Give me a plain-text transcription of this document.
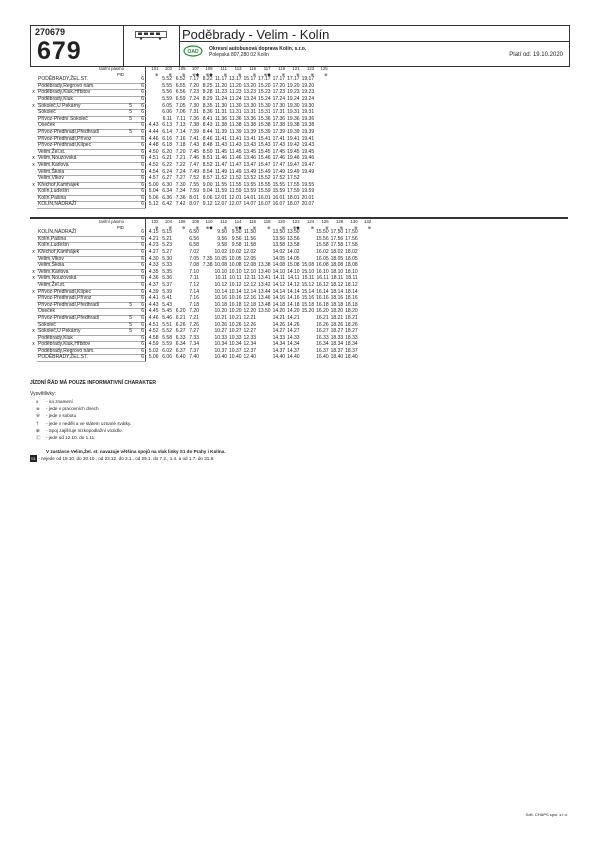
270679
679
Poděbrady - Velim - Kolín
OAD Okresní autobusová doprava Kolín, s.r.o.
Polepská 807,280 02 Kolín	Platí od: 19.10.2020
	tarifní pásmo			101	103	105	107	109	111	113	115	117	119	121	123	125
	PID			※	※	※	※◆	※◆	※	※	※	※◆	※	※	※	※
	PODĚBRADY,ŽEL.ST.		6		5.52	6.52	7.17	8.22	11.17	13.17	15.17	17.17	17.17	17.17	19.17	
	Poděbrady,Regrovo nám.		6		5.55	6.55	7.20	8.25	11.20	11.20	13.20	15.20	17.20	19.20	19.20	
x	Poděbrady,Kluk,Hřbitov		6		5.56	6.56	7.23	8.28	11.23	11.23	13.23	15.23	17.23	19.23	19.23	
	Poděbrady,Kluk		6		5.59	6.59	7.24	8.29	11.24	11.24	13.24	15.24	17.24	19.24	19.24	
x	Sokoleč,U Pekárny	5	6		6.05	7.05	7.30	8.35	11.30	11.30	13.30	15.30	17.30	19.30	19.30	
	Sokoleč	5	6		6.06	7.06	7.31	8.36	11.31	11.31	13.31	15.31	17.31	19.31	19.31	
	Přívoz-Přední Sokoleč	5	6		6.11	7.11	7.36	8.41	11.36	11.36	13.36	15.36	17.36	19.36	19.36	
	Oseček		6	4.43	6.13	7.13	7.38	8.43	11.38	11.38	13.38	15.38	17.38	19.38	19.38	
	Přívoz-Předhradí,Předhradí	5	6	4.44	6.14	7.14	7.39	8.44	11.39	11.39	13.39	15.39	17.39	19.39	19.39	
	Přívoz-Předhradí,Přívoz		6	4.46	6.16	7.16	7.41	8.46	11.41	11.41	13.41	15.41	17.41	19.41	19.41	
	Přívoz-Předhradí,Klípec		6	4.48	6.18	7.18	7.43	8.48	11.43	11.43	13.43	15.43	17.43	19.42	19.43	
	Velim,Žel.st.		6	4.50	6.20	7.20	7.45	8.50	11.45	11.45	13.45	15.45	17.45	19.45	19.45	
x	Velim,Nouzovská		6	4.51	6.21	7.21	7.46	8.51	11.46	11.46	13.46	15.46	17.46	19.46	19.46	
x	Velim,Karlova		6	4.52	6.22	7.22	7.47	8.52	11.47	11.47	13.47	15.47	17.47	19.47	19.47	
	Velim,Škola		6	4.54	6.24	7.24	7.49	8.54	11.49	11.49	13.49	15.49	17.49	19.49	19.49	
	Velim,Vlkov		6	4.57	6.27	7.27	7.52	8.57	11.52	11.52	13.52	15.52	17.52	17.52		
x	Křechoř,Kamhájek		6	5.00	6.30	7.30	7.55	9.00	11.55	11.55	13.55	15.55	15.55	17.55	19.55	
	Kolín,Luďešín		6	5.04	6.34	7.34	7.59	9.04	11.59	11.59	13.59	15.59	15.59	17.59	19.59	
	Kolín,Pašina		6	5.06	6.36	7.36	8.01	9.06	12.01	12.01	14.01	16.01	16.01	18.01	20.01	
	KOLÍN,NÁDRAŽÍ		6	5.12	6.42	7.42	8.07	9.12	12.07	12.07	14.07	16.07	16.07	18.07	20.07	
	tarifní pásmo			102	104	106	108	110	112	114	116	118	120	122	124	126	128	130	132
	PID			※	※	※	※	※◆	※	※◆	※	※	※	※◆	※	※	※	※	※
	KOLÍN,NÁDRAŽÍ		6	4.15	5.15		6.50		9.50	9.50	11.50		13.50	13.50		15.50	17.50	17.50	
	Kolín,Pašina		6	4.21	5.21		6.56		9.56	9.56	11.56		13.56	13.56		15.56	17.56	17.56	
	Kolín,Luďešín		6	4.23	5.23		6.58		9.58	9.58	11.58		13.58	13.58		15.58	17.58	17.58	
x	Křechoř,Kamhájek		6	4.27	5.27		7.02		10.02	10.02	12.02		14.02	14.02		16.02	18.02	18.02	
	Velim,Vlkov		6	4.30	5.30		7.05	7.35	10.05	10.05	12.05		14.05	14.05		16.05	18.05	18.05	
	Velim,Škola		6	4.33	5.33		7.08	7.38	10.08	10.08	12.08	13.38	14.08	15.08	15.08	16.08	18.08	18.08	
x	Velim,Karlova		6	4.35	5.35		7.10		10.10	10.10	12.10	13.40	14.10	14.10	15.10	16.10	18.10	18.10	
x	Velim,Nouzovská		6	4.36	5.36		7.11		10.11	10.11	12.11	13.41	14.11	14.11	15.11	16.11	18.11	18.11	
	Velim,Žel.st.		6	4.37	5.37		7.12		10.12	10.12	12.12	13.42	14.12	14.12	15.12	16.12	18.12	18.12	
x	Přívoz-Předhradí,Klípec		6	4.39	5.39		7.14		10.14	10.14	12.14	13.44	14.14	14.14	15.14	16.14	18.14	18.14	
	Přívoz-Předhradí,Přívoz		6	4.41	5.41		7.16		10.16	10.16	12.16	13.46	14.16	14.16	15.16	16.16	18.16	18.16	
	Přívoz-Předhradí,Předhradí	5	6	4.43	5.43		7.18		10.18	10.18	12.18	13.48	14.18	14.18	15.18	16.18	18.18	18.18	
	Oseček		6	4.45	5.45	6.20	7.20		10.20	10.20	12.20	13.50	14.20	14.20	15.20	16.20	18.20	18.20	
	Přívoz-Předhradí,Předhradí	5	6	4.46	5.46	6.21	7.21		10.21	10.21	12.21		14.21	14.21		16.21	18.21	18.21	
	Sokoleč	5	6	4.51	5.51	6.26	7.26		10.26	10.26	12.26		14.26	14.26		16.26	18.26	18.26	
x	Sokoleč,U Pekárny	5	6	4.52	5.52	6.27	7.27		10.27	10.27	12.27		14.27	14.27		16.27	18.27	18.27	
	Poděbrady,Kluk		6	4.58	5.58	6.33	7.33		10.33	10.33	12.33		14.33	14.33		16.33	18.33	18.33	
x	Poděbrady,Kluk,Hřbitov		6	4.59	5.59	6.34	7.34		10.34	10.34	12.34		14.34	14.34		16.34	18.34	18.34	
	Poděbrady,Regrovo nám.		6	5.02	6.02	6.37	7.37		10.37	10.37	12.37		14.37	14.37		16.37	18.37	18.37	
	PODĚBRADY,ŽEL.ST.		6	5.06	6.06	6.40	7.40		10.40	10.40	12.40		14.40	14.40		16.40	18.40	18.40	
JÍZDNÍ ŘÁD MÁ POUZE INFORMATIVNÍ CHARAKTER
Vysvětlivky:
x - na znamení
※ - jede v pracovních dnech
⑥ - jede v sobotu
† - jede v neděli a ve státem uznané svátky.
⊕ - Spoj zajišťuje nízkopodlažní vozidlo.
Ⓒ - jede od 12.10. do 1.11.
V zastávce Velim,Žel. st. navazuje většina spojů na vlak linky S1 do Prahy i Kolína.
S1 - nejede od 19.10. do 30.10., od 23.12. do 3.1., od 29.1. do 7.2., 1.4. a od 1.7. do 31.8.
Soft. CHAPS spol. s r.o.
